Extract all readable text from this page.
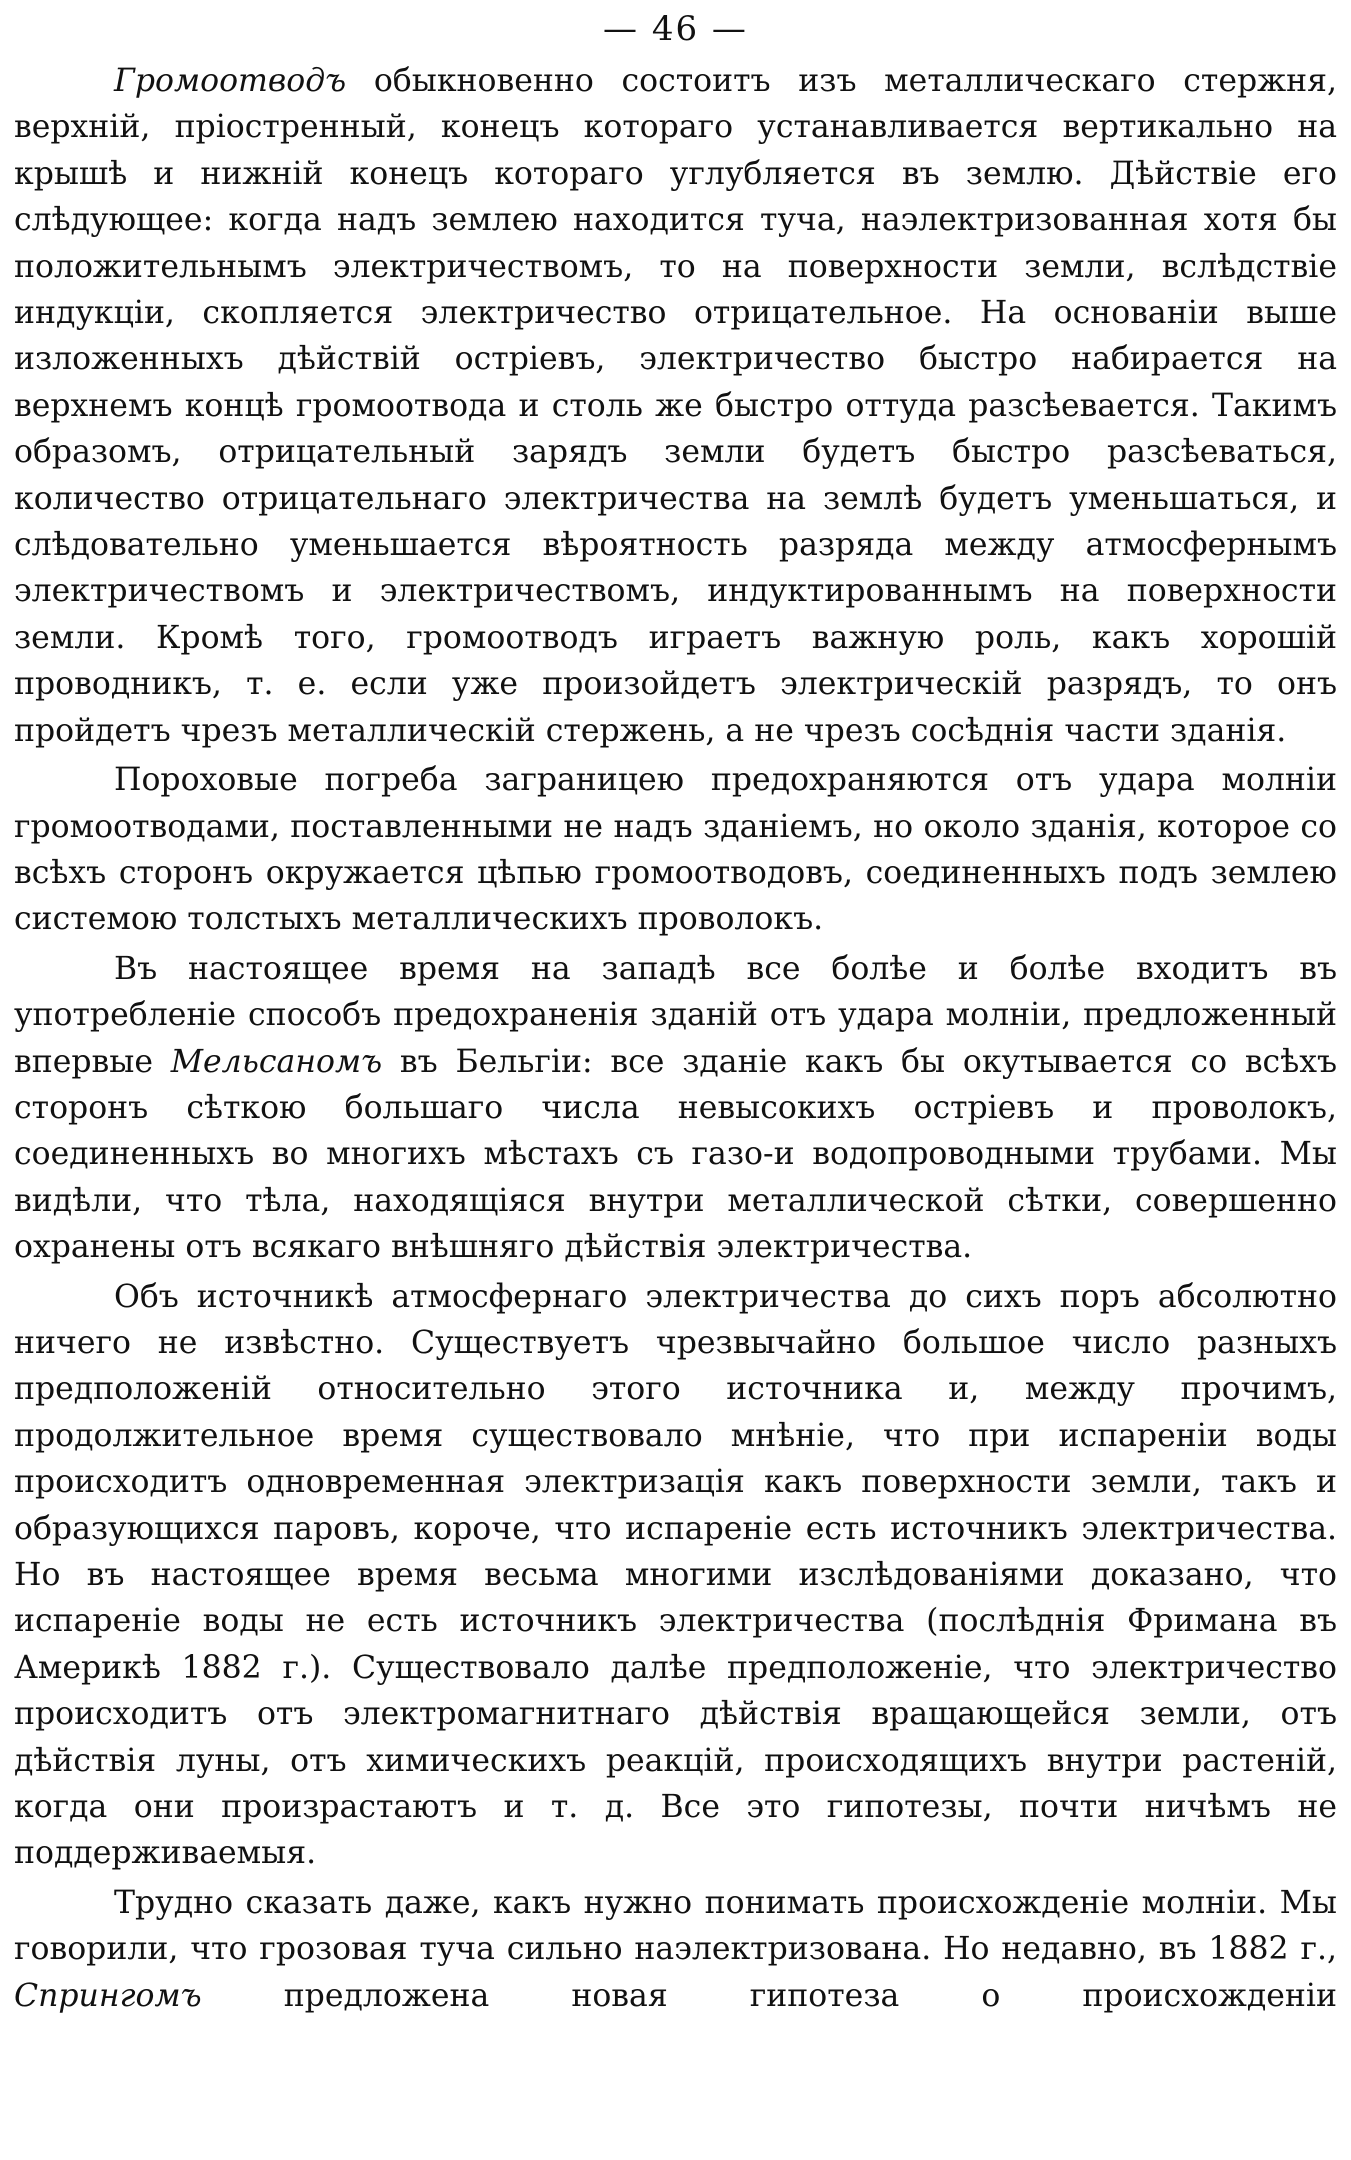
— 46 —

Громоотводъ обыкновенно состоитъ изъ металлическаго стержня, верхнiй, прiостренный, конецъ котораго устанавливается вертикально на крышѣ и нижнiй конецъ котораго углубляется въ землю. Дѣйствiе его слѣдующее: когда надъ землею находится туча, наэлектризованная хотя бы положительнымъ электричествомъ, то на поверхности земли, вслѣдствiе индукцiи, скопляется электричество отрицательное. На основанiи выше изложенныхъ дѣйствiй острiевъ, электричество быстро набирается на верхнемъ концѣ громоотвода и столь же быстро оттуда разсѣевается. Такимъ образомъ, отрицательный зарядъ земли будетъ быстро разсѣеваться, количество отрицательнаго электричества на землѣ будетъ уменьшаться, и слѣдовательно уменьшается вѣроятность разряда между атмосфернымъ электричествомъ и электричествомъ, индуктированнымъ на поверхности земли. Кромѣ того, громоотводъ играетъ важную роль, какъ хорошiй проводникъ, т. е. если уже произойдетъ электрическiй разрядъ, то онъ пройдетъ чрезъ металлическiй стержень, а не чрезъ сосѣднiя части зданiя.

Пороховые погреба заграницею предохраняются отъ удара молнiи громоотводами, поставленными не надъ зданiемъ, но около зданiя, которое со всѣхъ сторонъ окружается цѣпью громоотводовъ, соединенныхъ подъ землею системою толстыхъ металлическихъ проволокъ.

Въ настоящее время на западѣ все болѣе и болѣе входитъ въ употребленiе способъ предохраненiя зданiй отъ удара молнiи, предложенный впервые Мельсаномъ въ Бельгiи: все зданiе какъ бы окутывается со всѣхъ сторонъ сѣткою большаго числа невысокихъ острiевъ и проволокъ, соединенныхъ во многихъ мѣстахъ съ газо-и водопроводными трубами. Мы видѣли, что тѣла, находящiяся внутри металлической сѣтки, совершенно охранены отъ всякаго внѣшняго дѣйствiя электричества.

Объ источникѣ атмосфернаго электричества до сихъ поръ абсолютно ничего не извѣстно. Существуетъ чрезвычайно большое число разныхъ предположенiй относительно этого источника и, между прочимъ, продолжительное время существовало мнѣнiе, что при испаренiи воды происходитъ одновременная электризацiя какъ поверхности земли, такъ и образующихся паровъ, короче, что испаренiе есть источникъ электричества. Но въ настоящее время весьма многими изслѣдованiями доказано, что испаренiе воды не есть источникъ электричества (послѣднiя Фримана въ Америкѣ 1882 г.). Существовало далѣе предположенiе, что электричество происходитъ отъ электромагнитнаго дѣйствiя вращающейся земли, отъ дѣйствiя луны, отъ химическихъ реакцiй, происходящихъ внутри растенiй, когда они произрастаютъ и т. д. Все это гипотезы, почти ничѣмъ не поддерживаемыя.

Трудно сказать даже, какъ нужно понимать происхожденiе молнiи. Мы говорили, что грозовая туча сильно наэлектризована. Но недавно, въ 1882 г., Спрингомъ предложена новая гипотеза о происхожденiи
